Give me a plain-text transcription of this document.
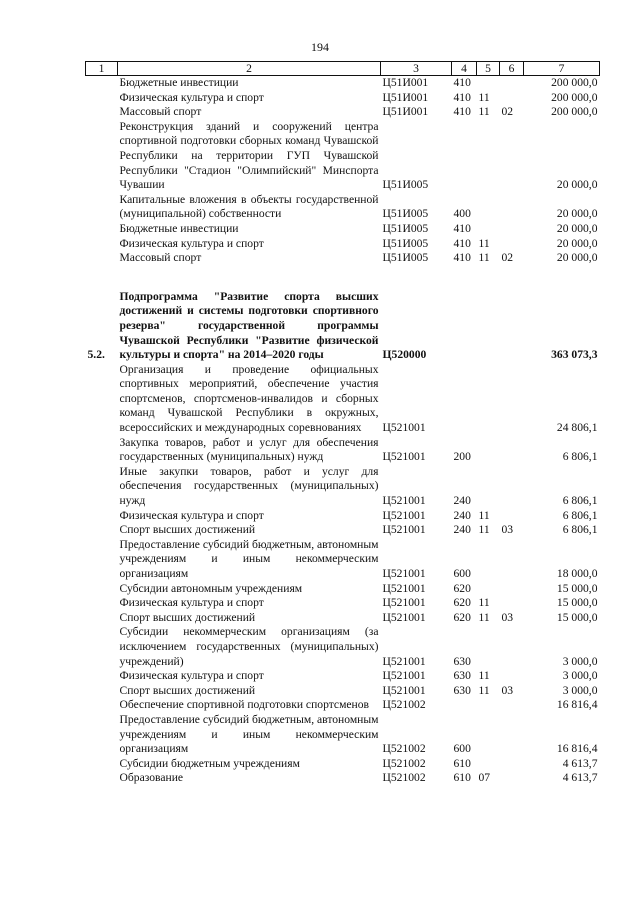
194
1	2	3	4	5	6	7
	Бюджетные инвестиции	Ц51И001	410			200 000,0
	Физическая культура и спорт	Ц51И001	410	11		200 000,0
	Массовый спорт	Ц51И001	410	11	02	200 000,0
	Реконструкция зданий и сооружений центра спортивной подготовки сборных команд Чувашской Республики на территории ГУП Чувашской Республики "Стадион "Олимпийский" Минспорта Чувашии	Ц51И005				20 000,0
	Капитальные вложения в объекты государственной (муниципальной) собственности	Ц51И005	400			20 000,0
	Бюджетные инвестиции	Ц51И005	410			20 000,0
	Физическая культура и спорт	Ц51И005	410	11		20 000,0
	Массовый спорт	Ц51И005	410	11	02	20 000,0

5.2.	Подпрограмма "Развитие спорта высших достижений и системы подготовки спортивного резерва" государственной программы Чувашской Республики "Развитие физической культуры и спорта" на 2014–2020 годы	Ц520000				363 073,3
	Организация и проведение официальных спортивных мероприятий, обеспечение участия спортсменов, спортсменов-инвалидов и сборных команд Чувашской Республики в окружных, всероссийских и международных соревнованиях	Ц521001				24 806,1
	Закупка товаров, работ и услуг для обеспечения государственных (муниципальных) нужд	Ц521001	200			6 806,1
	Иные закупки товаров, работ и услуг для обеспечения государственных (муниципальных) нужд	Ц521001	240			6 806,1
	Физическая культура и спорт	Ц521001	240	11		6 806,1
	Спорт высших достижений	Ц521001	240	11	03	6 806,1
	Предоставление субсидий бюджетным, автономным учреждениям и иным некоммерческим организациям	Ц521001	600			18 000,0
	Субсидии автономным учреждениям	Ц521001	620			15 000,0
	Физическая культура и спорт	Ц521001	620	11		15 000,0
	Спорт высших достижений	Ц521001	620	11	03	15 000,0
	Субсидии некоммерческим организациям (за исключением государственных (муниципальных) учреждений)	Ц521001	630			3 000,0
	Физическая культура и спорт	Ц521001	630	11		3 000,0
	Спорт высших достижений	Ц521001	630	11	03	3 000,0
	Обеспечение спортивной подготовки спортсменов	Ц521002				16 816,4
	Предоставление субсидий бюджетным, автономным учреждениям и иным некоммерческим организациям	Ц521002	600			16 816,4
	Субсидии бюджетным учреждениям	Ц521002	610			4 613,7
	Образование	Ц521002	610	07		4 613,7
